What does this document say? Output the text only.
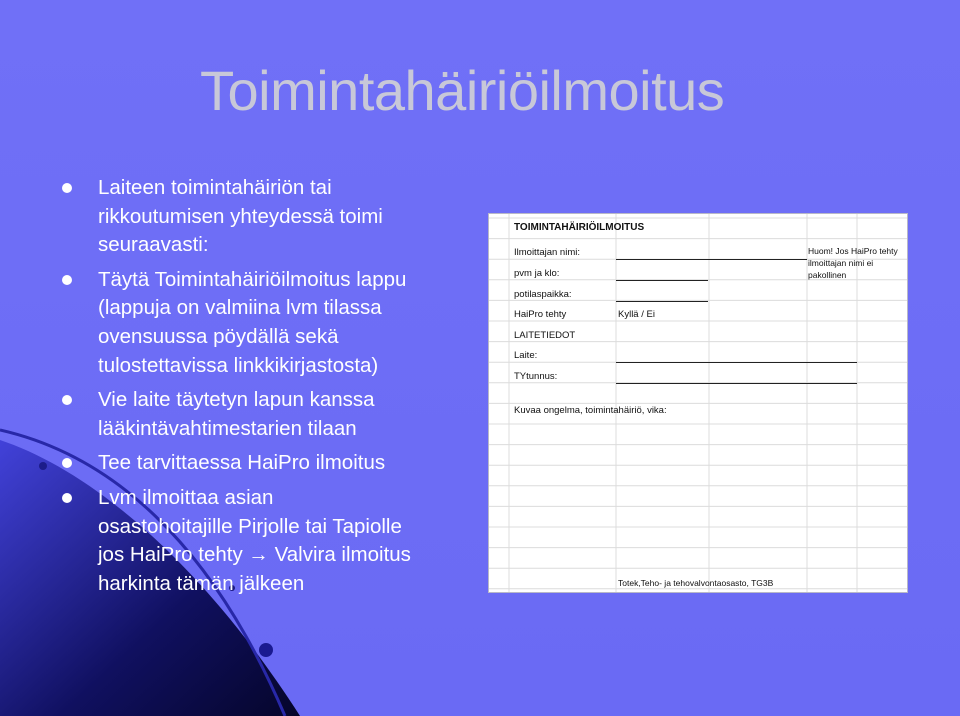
Toimintahäiriöilmoitus
Laiteen toimintahäiriön tai
rikkoutumisen yhteydessä toimi
seuraavasti:
Täytä Toimintahäiriöilmoitus lappu
(lappuja on valmiina lvm tilassa
ovensuussa pöydällä sekä
tulostettavissa linkkikirjastosta)
Vie laite täytetyn lapun kanssa
lääkintävahtimestarien tilaan
Tee tarvittaessa HaiPro ilmoitus
Lvm ilmoittaa asian
osastohoitajille Pirjolle tai Tapiolle
jos HaiPro tehty → Valvira ilmoitus
harkinta tämän jälkeen
TOIMINTAHÄIRIÖILMOITUS
Ilmoittajan nimi:
pvm ja klo:
potilaspaikka:
HaiPro tehty	Kyllä / Ei
LAITETIEDOT
Laite:
TYtunnus:
Kuvaa ongelma, toimintahäiriö, vika:
Huom! Jos HaiPro tehty
ilmoittajan nimi ei
pakollinen
Totek,Teho- ja tehovalvontaosasto, TG3B
